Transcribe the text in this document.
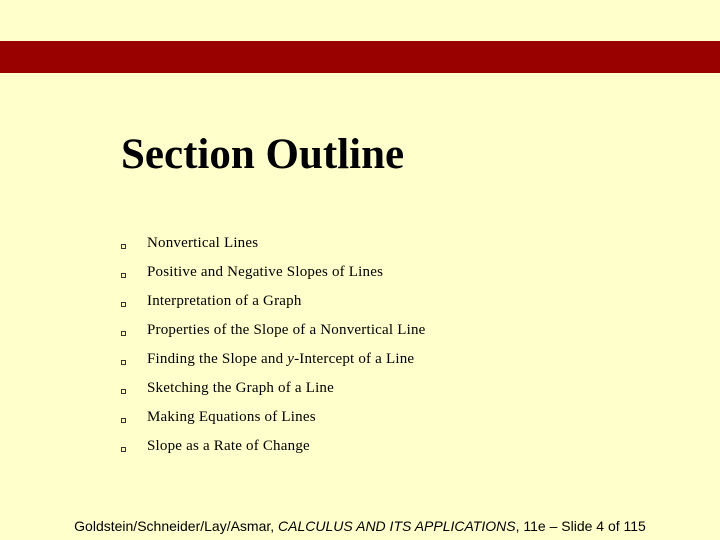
Section Outline
Nonvertical Lines
Positive and Negative Slopes of Lines
Interpretation of a Graph
Properties of the Slope of a Nonvertical Line
Finding the Slope and y-Intercept of a Line
Sketching the Graph of a Line
Making Equations of Lines
Slope as a Rate of Change
Goldstein/Schneider/Lay/Asmar, CALCULUS AND ITS APPLICATIONS, 11e – Slide 4 of 115
